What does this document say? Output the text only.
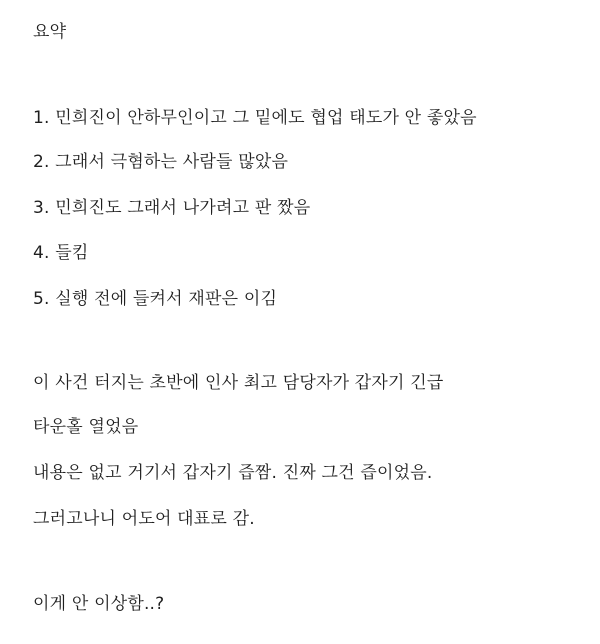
요약
1. 민희진이 안하무인이고 그 밑에도 협업 태도가 안 좋았음
2. 그래서 극혐하는 사람들 많았음
3. 민희진도 그래서 나가려고 판 짰음
4. 들킴
5. 실행 전에 들켜서 재판은 이김
이 사건 터지는 초반에 인사 최고 담당자가 갑자기 긴급
타운홀 열었음
내용은 없고 거기서 갑자기 즙짬. 진짜 그건 즙이었음.
그러고나니 어도어 대표로 감.
이게 안 이상함..?
